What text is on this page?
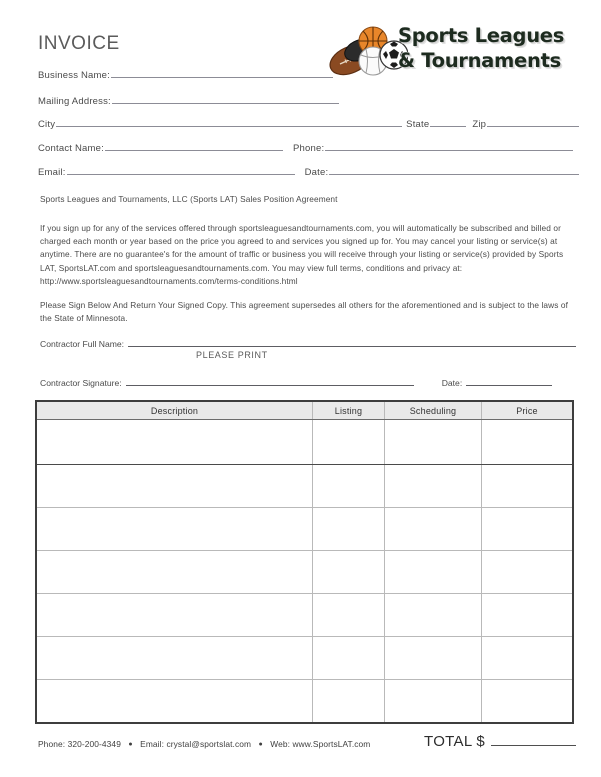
INVOICE	Sports Leagues
& Tournaments
Business Name:
Mailing Address:
City	State	Zip
Contact Name:	Phone:
Email:	Date:
Sports Leagues and Tournaments, LLC (Sports LAT) Sales Position Agreement
If you sign up for any of the services offered through sportsleaguesandtournaments.com, you will automatically be subscribed and billed or charged each month or year based on the price you agreed to and services you signed up for. You may cancel your listing or service(s) at anytime. There are no guarantee's for the amount of traffic or business you will receive through your listing or service(s) provided by Sports LAT, SportsLAT.com and sportsleaguesandtournaments.com. You may view full terms, conditions and privacy at: http://www.sportsleaguesandtournaments.com/terms-conditions.html
Please Sign Below And Return Your Signed Copy. This agreement supersedes all others for the aforementioned and is subject to the laws of the State of Minnesota.
Contractor Full Name:
PLEASE PRINT
Contractor Signature:	Date:
Description	Listing	Scheduling	Price

Phone: 320-200-4349 ● Email: crystal@sportslat.com ● Web: www.SportsLAT.com	TOTAL $
